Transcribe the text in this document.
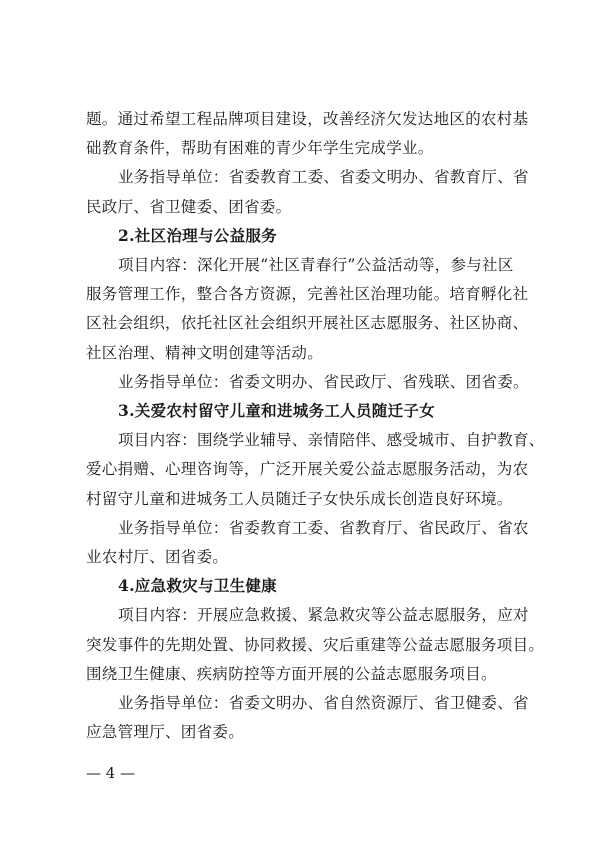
题。通过希望工程品牌项目建设，改善经济欠发达地区的农村基
础教育条件，帮助有困难的青少年学生完成学业。
业务指导单位：省委教育工委、省委文明办、省教育厅、省
民政厅、省卫健委、团省委。
2.社区治理与公益服务
项目内容：深化开展“社区青春行”公益活动等，参与社区
服务管理工作，整合各方资源，完善社区治理功能。培育孵化社
区社会组织，依托社区社会组织开展社区志愿服务、社区协商、
社区治理、精神文明创建等活动。
业务指导单位：省委文明办、省民政厅、省残联、团省委。
3.关爱农村留守儿童和进城务工人员随迁子女
项目内容：围绕学业辅导、亲情陪伴、感受城市、自护教育、
爱心捐赠、心理咨询等，广泛开展关爱公益志愿服务活动，为农
村留守儿童和进城务工人员随迁子女快乐成长创造良好环境。
业务指导单位：省委教育工委、省教育厅、省民政厅、省农
业农村厅、团省委。
4.应急救灾与卫生健康
项目内容：开展应急救援、紧急救灾等公益志愿服务，应对
突发事件的先期处置、协同救援、灾后重建等公益志愿服务项目。
围绕卫生健康、疾病防控等方面开展的公益志愿服务项目。
业务指导单位：省委文明办、省自然资源厅、省卫健委、省
应急管理厅、团省委。
— 4 —
